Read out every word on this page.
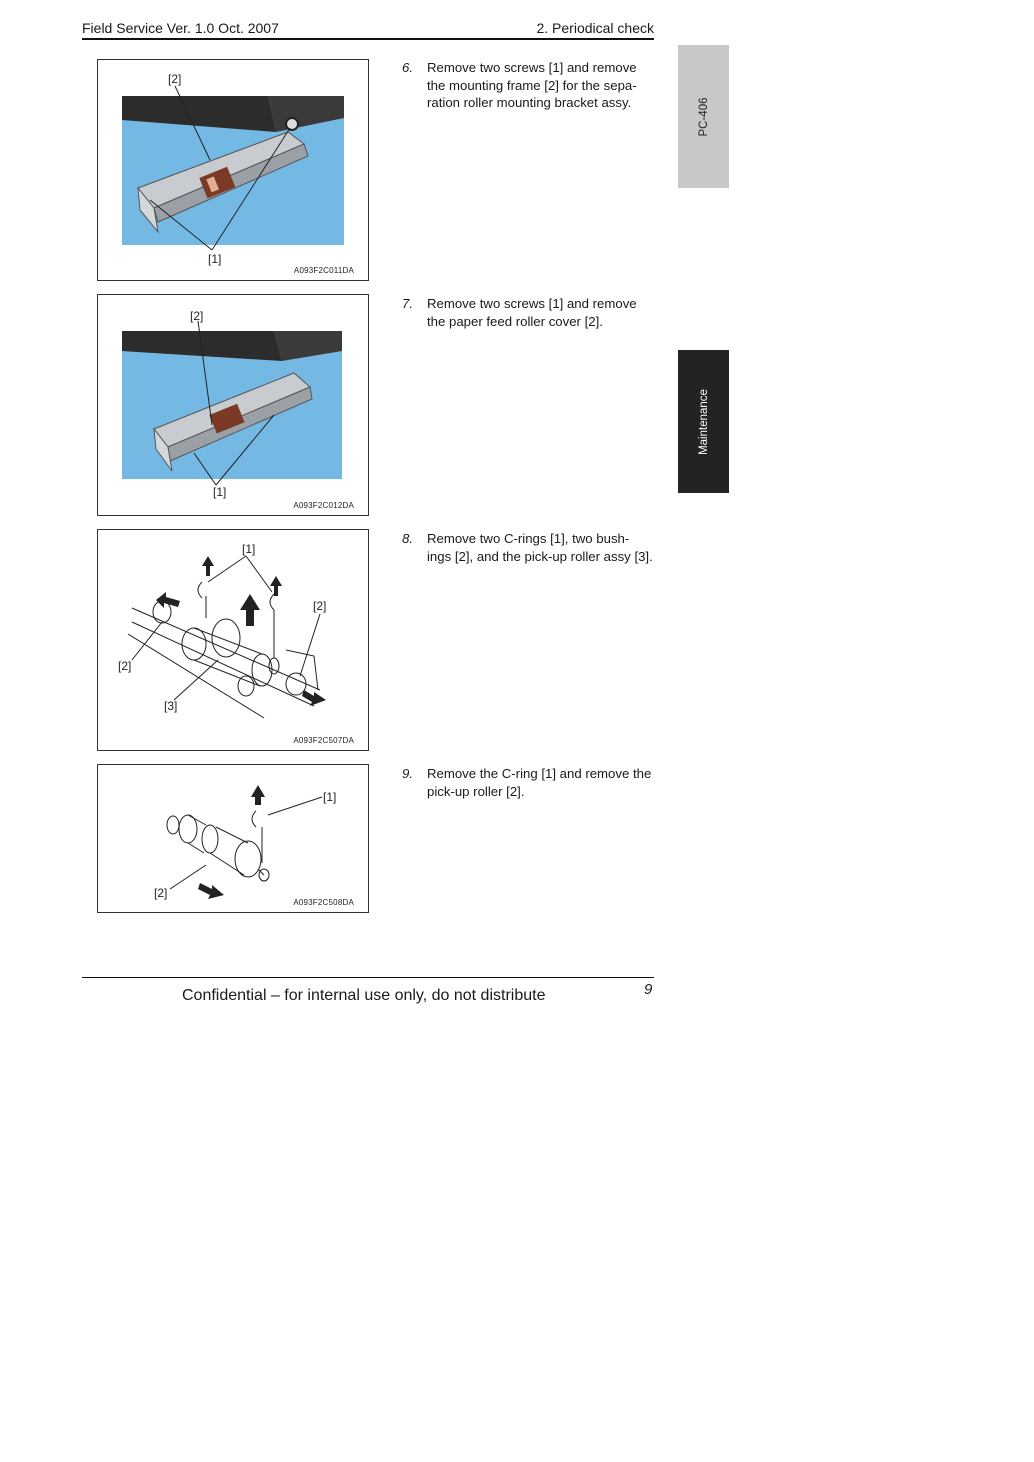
Field Service Ver. 1.0 Oct. 2007	2. Periodical check
PC-406
Maintenance
[2]
[1]
A093F2C011DA
[2]
[1]
A093F2C012DA
[1]
[2]
[2]
[3]
A093F2C507DA
[1]
[2]
A093F2C508DA
6. Remove two screws [1] and remove the mounting frame [2] for the sepa-ration roller mounting bracket assy.
7. Remove two screws [1] and remove the paper feed roller cover [2].
8. Remove two C-rings [1], two bush-ings [2], and the pick-up roller assy [3].
9. Remove the C-ring [1] and remove the pick-up roller [2].
Confidential – for internal use only, do not distribute	9
